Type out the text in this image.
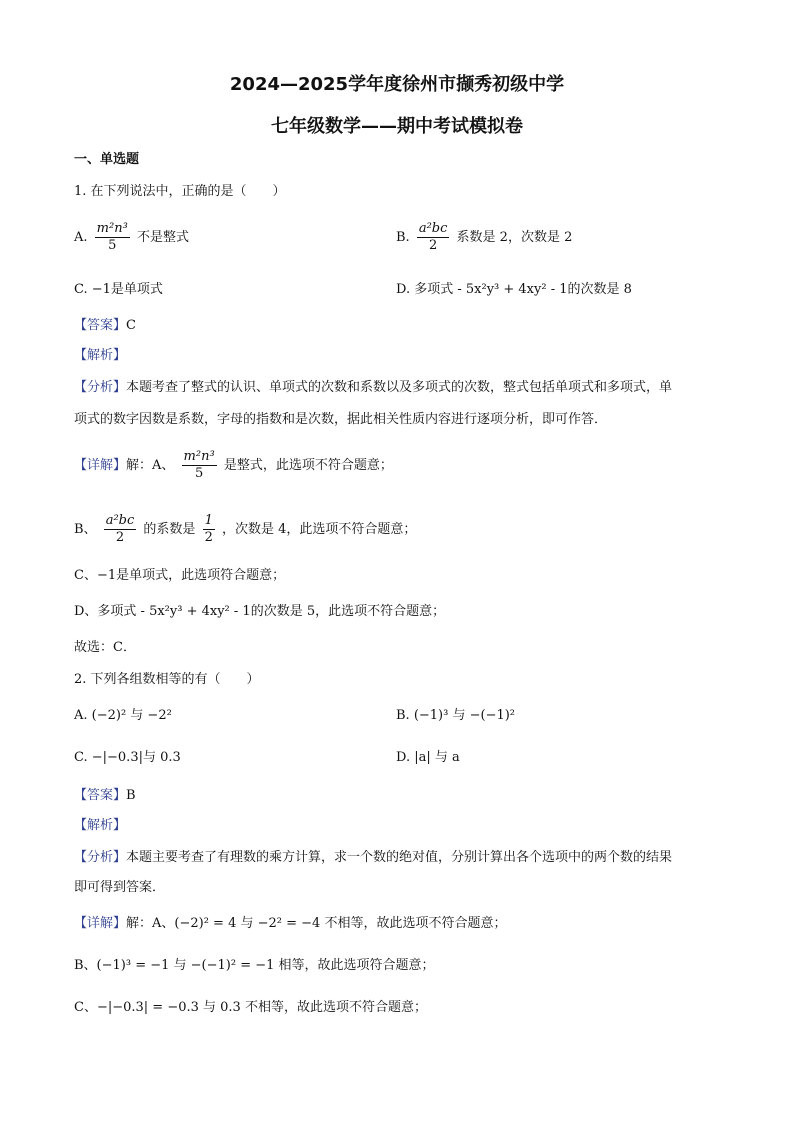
2024—2025学年度徐州市撷秀初级中学
七年级数学——期中考试模拟卷
一、单选题
1. 在下列说法中，正确的是（　　）
A. $\frac{\text{m²n³}}{5}$ 不是整式	B. $\frac{\text{a²bc}}{2}$ 系数是 2，次数是 2
C. −1是单项式	D. 多项式 - 5x²y³ + 4xy² - 1的次数是 8
【答案】C
【解析】
【分析】本题考查了整式的认识、单项式的次数和系数以及多项式的次数，整式包括单项式和多项式，单
项式的数字因数是系数，字母的指数和是次数，据此相关性质内容进行逐项分析，即可作答．
【详解】解：A、 $\frac{\text{m²n³}}{5}$ 是整式，此选项不符合题意；
B、 $\frac{\text{a²bc}}{2}$ 的系数是 $\frac{1}{2}$ ，次数是 4，此选项不符合题意；
C、−1是单项式，此选项符合题意；
D、多项式 - 5x²y³ + 4xy² - 1的次数是 5，此选项不符合题意；
故选：C．
2. 下列各组数相等的有（　　）
A. (−2)² 与 −2²	B. (−1)³ 与 −(−1)²
C. −|−0.3|与 0.3	D. |a| 与 a
【答案】B
【解析】
【分析】本题主要考查了有理数的乘方计算，求一个数的绝对值，分别计算出各个选项中的两个数的结果
即可得到答案．
【详解】解：A、(−2)² = 4 与 −2² = −4 不相等，故此选项不符合题意；
B、(−1)³ = −1 与 −(−1)² = −1 相等，故此选项符合题意；
C、−|−0.3| = −0.3 与 0.3 不相等，故此选项不符合题意；
